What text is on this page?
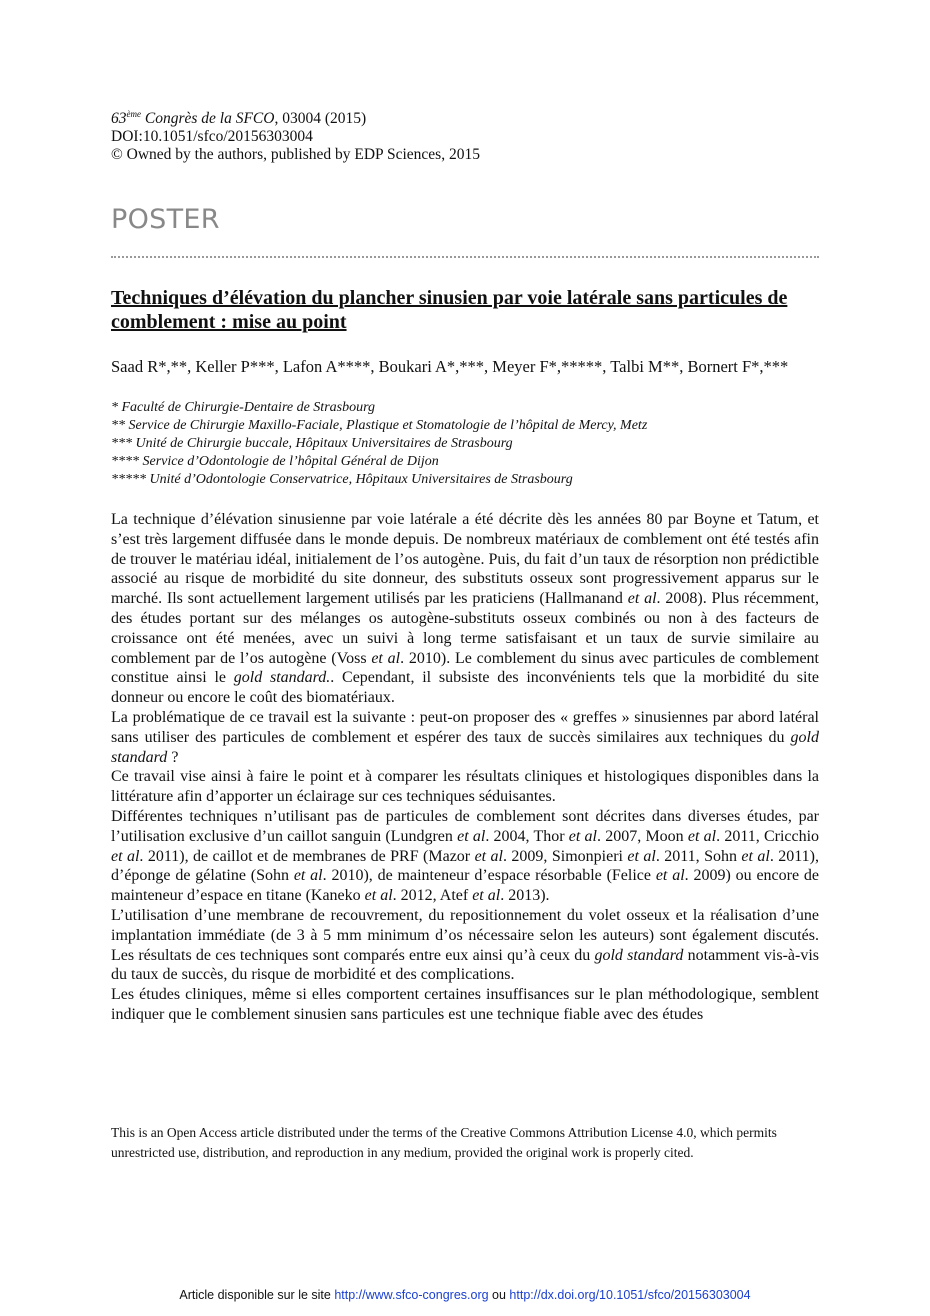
63ème Congrès de la SFCO, 03004 (2015)
DOI:10.1051/sfco/20156303004
© Owned by the authors, published by EDP Sciences, 2015
POSTER
Techniques d’élévation du plancher sinusien par voie latérale sans particules de comblement : mise au point
Saad R*,**, Keller P***, Lafon A****, Boukari A*,***, Meyer F*,*****, Talbi M**, Bornert F*,***
* Faculté de Chirurgie-Dentaire de Strasbourg
** Service de Chirurgie Maxillo-Faciale, Plastique et Stomatologie de l’hôpital de Mercy, Metz
*** Unité de Chirurgie buccale, Hôpitaux Universitaires de Strasbourg
**** Service d’Odontologie de l’hôpital Général de Dijon
***** Unité d’Odontologie Conservatrice, Hôpitaux Universitaires de Strasbourg

La technique d’élévation sinusienne par voie latérale a été décrite dès les années 80 par Boyne et Tatum, et s’est très largement diffusée dans le monde depuis. De nombreux matériaux de comblement ont été testés afin de trouver le matériau idéal, initialement de l’os autogène. Puis, du fait d’un taux de résorption non prédictible associé au risque de morbidité du site donneur, des substituts osseux sont progressivement apparus sur le marché. Ils sont actuellement largement utilisés par les praticiens (Hallmanand et al. 2008). Plus récemment, des études portant sur des mélanges os autogène-substituts osseux combinés ou non à des facteurs de croissance ont été menées, avec un suivi à long terme satisfaisant et un taux de survie similaire au comblement par de l’os autogène (Voss et al. 2010). Le comblement du sinus avec particules de comblement constitue ainsi le gold standard.. Cependant, il subsiste des inconvénients tels que la morbidité du site donneur ou encore le coût des biomatériaux.

La problématique de ce travail est la suivante : peut-on proposer des « greffes » sinusiennes par abord latéral sans utiliser des particules de comblement et espérer des taux de succès similaires aux techniques du gold standard ?

Ce travail vise ainsi à faire le point et à comparer les résultats cliniques et histologiques disponibles dans la littérature afin d’apporter un éclairage sur ces techniques séduisantes.

Différentes techniques n’utilisant pas de particules de comblement sont décrites dans diverses études, par l’utilisation exclusive d’un caillot sanguin (Lundgren et al. 2004, Thor et al. 2007, Moon et al. 2011, Cricchio et al. 2011), de caillot et de membranes de PRF (Mazor et al. 2009, Simonpieri et al. 2011, Sohn et al. 2011), d’éponge de gélatine (Sohn et al. 2010), de mainteneur d’espace résorbable (Felice et al. 2009) ou encore de mainteneur d’espace en titane (Kaneko et al. 2012, Atef et al. 2013).

L’utilisation d’une membrane de recouvrement, du repositionnement du volet osseux et la réalisation d’une implantation immédiate (de 3 à 5 mm minimum d’os nécessaire selon les auteurs) sont également discutés. Les résultats de ces techniques sont comparés entre eux ainsi qu’à ceux du gold standard notamment vis-à-vis du taux de succès, du risque de morbidité et des complications.

Les études cliniques, même si elles comportent certaines insuffisances sur le plan méthodologique, semblent indiquer que le comblement sinusien sans particules est une technique fiable avec des études

This is an Open Access article distributed under the terms of the Creative Commons Attribution License 4.0, which permits unrestricted use, distribution, and reproduction in any medium, provided the original work is properly cited.
Article disponible sur le site http://www.sfco-congres.org ou http://dx.doi.org/10.1051/sfco/20156303004
